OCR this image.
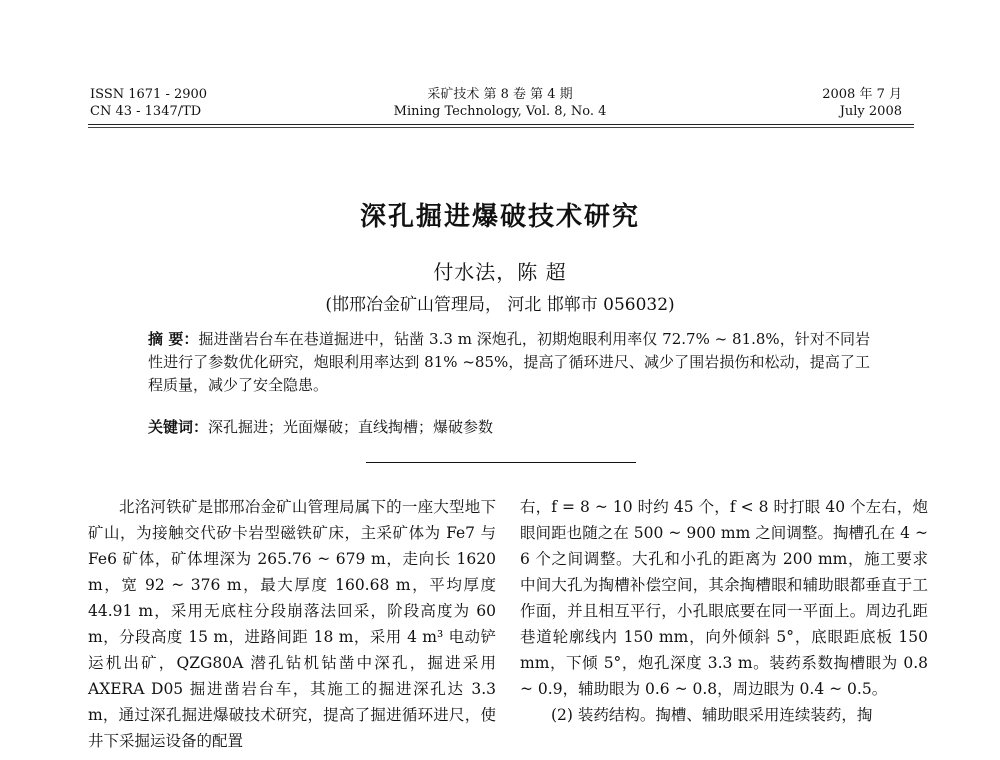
ISSN 1671 - 2900
CN 43 - 1347/TD
采矿技术 第 8 卷 第 4 期
Mining Technology, Vol. 8, No. 4
2008 年 7 月
July 2008
深孔掘进爆破技术研究
付水法，陈 超
(邯邢冶金矿山管理局， 河北 邯郸市 056032)
摘 要：掘进凿岩台车在巷道掘进中，钻凿 3.3 m 深炮孔，初期炮眼利用率仅 72.7% ~ 81.8%，针对不同岩性进行了参数优化研究，炮眼利用率达到 81% ~85%，提高了循环进尺、减少了围岩损伤和松动，提高了工程质量，减少了安全隐患。
关键词：深孔掘进；光面爆破；直线掏槽；爆破参数

北洺河铁矿是邯邢冶金矿山管理局属下的一座大型地下矿山，为接触交代矽卡岩型磁铁矿床，主采矿体为 Fe7 与 Fe6 矿体，矿体埋深为 265.76 ~ 679 m，走向长 1620 m，宽 92 ~ 376 m，最大厚度 160.68 m，平均厚度 44.91 m，采用无底柱分段崩落法回采，阶段高度为 60 m，分段高度 15 m，进路间距 18 m，采用 4 m³ 电动铲运机出矿，QZG80A 潜孔钻机钻凿中深孔，掘进采用 AXERA D05 掘进凿岩台车，其施工的掘进深孔达 3.3 m，通过深孔掘进爆破技术研究，提高了掘进循环进尺，使井下采掘运设备的配置

右，f = 8 ~ 10 时约 45 个，f < 8 时打眼 40 个左右，炮眼间距也随之在 500 ~ 900 mm 之间调整。掏槽孔在 4 ~ 6 个之间调整。大孔和小孔的距离为 200 mm，施工要求中间大孔为掏槽补偿空间，其余掏槽眼和辅助眼都垂直于工作面，并且相互平行，小孔眼底要在同一平面上。周边孔距巷道轮廓线内 150 mm，向外倾斜 5°，底眼距底板 150 mm，下倾 5°，炮孔深度 3.3 m。装药系数掏槽眼为 0.8 ~ 0.9，辅助眼为 0.6 ~ 0.8，周边眼为 0.4 ~ 0.5。

(2) 装药结构。掏槽、辅助眼采用连续装药，掏
